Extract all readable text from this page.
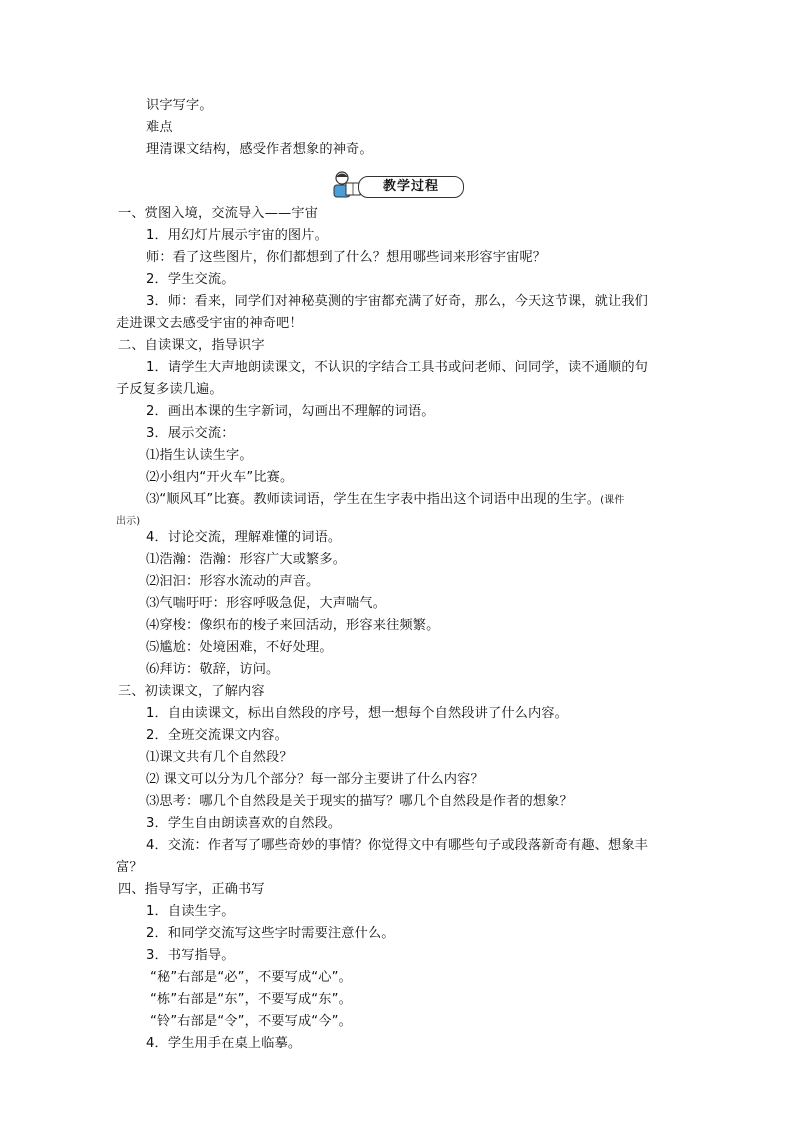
识字写字。
难点
理清课文结构，感受作者想象的神奇。
教学过程
一、赏图入境，交流导入——宇宙
1．用幻灯片展示宇宙的图片。
师：看了这些图片，你们都想到了什么？想用哪些词来形容宇宙呢？
2．学生交流。
3．师：看来，同学们对神秘莫测的宇宙都充满了好奇，那么，今天这节课，就让我们
走进课文去感受宇宙的神奇吧！
二、自读课文，指导识字
1．请学生大声地朗读课文，不认识的字结合工具书或问老师、问同学，读不通顺的句
子反复多读几遍。
2．画出本课的生字新词，勾画出不理解的词语。
3．展示交流：
⑴指生认读生字。
⑵小组内“开火车”比赛。
⑶“顺风耳”比赛。教师读词语，学生在生字表中指出这个词语中出现的生字。(课件
出示)
4．讨论交流，理解难懂的词语。
⑴浩瀚：浩瀚：形容广大或繁多。
⑵汩汩：形容水流动的声音。
⑶气喘吁吁：形容呼吸急促，大声喘气。
⑷穿梭：像织布的梭子来回活动，形容来往频繁。
⑸尴尬：处境困难，不好处理。
⑹拜访：敬辞，访问。
三、初读课文，了解内容
1．自由读课文，标出自然段的序号，想一想每个自然段讲了什么内容。
2．全班交流课文内容。
⑴课文共有几个自然段？
⑵ 课文可以分为几个部分？每一部分主要讲了什么内容？
⑶思考：哪几个自然段是关于现实的描写？哪几个自然段是作者的想象？
3．学生自由朗读喜欢的自然段。
4．交流：作者写了哪些奇妙的事情？你觉得文中有哪些句子或段落新奇有趣、想象丰
富？
四、指导写字，正确书写
1．自读生字。
2．和同学交流写这些字时需要注意什么。
3．书写指导。
“秘”右部是“必”，不要写成“心”。
“栋”右部是“东”，不要写成“东”。
“铃”右部是“令”，不要写成“今”。
4．学生用手在桌上临摹。
